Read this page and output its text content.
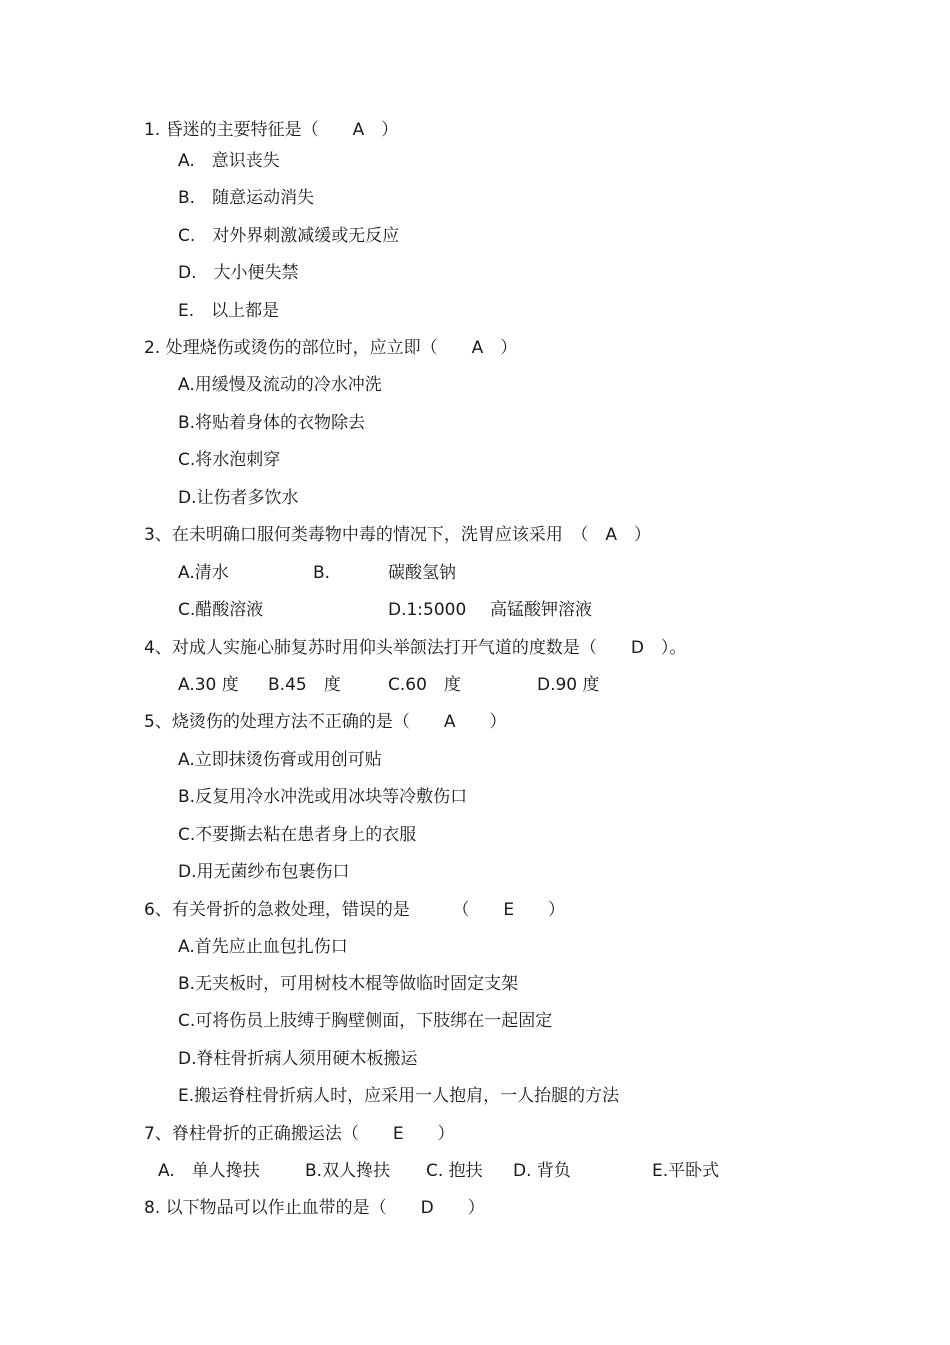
1. 昏迷的主要特征是（　　A　）
A.　意识丧失
B.　随意运动消失
C.　对外界刺激减缓或无反应
D.　大小便失禁
E.　以上都是
2. 处理烧伤或烫伤的部位时，应立即（　　A　）
A.用缓慢及流动的冷水冲洗
B.将贴着身体的衣物除去
C.将水泡刺穿
D.让伤者多饮水
3、在未明确口服何类毒物中毒的情况下，洗胃应该采用　（　A　）
A.清水	B.	碳酸氢钠
C.醋酸溶液	D.1:5000 高锰酸钾溶液
4、对成人实施心肺复苏时用仰头举颌法打开气道的度数是（　　D　）。
A.30 度 B.45　度	C.60　度	D.90 度
5、烧烫伤的处理方法不正确的是（　　A　　）
A.立即抹烫伤膏或用创可贴
B.反复用冷水冲洗或用冰块等冷敷伤口
C.不要撕去粘在患者身上的衣服
D.用无菌纱布包裹伤口
6、有关骨折的急救处理，错误的是　　　（　　E　　）
A.首先应止血包扎伤口
B.无夹板时，可用树枝木棍等做临时固定支架
C.可将伤员上肢缚于胸壁侧面，下肢绑在一起固定
D.脊柱骨折病人须用硬木板搬运
E.搬运脊柱骨折病人时，应采用一人抱肩，一人抬腿的方法
7、脊柱骨折的正确搬运法（　　E　　）
A.　单人搀扶	B.双人搀扶 C. 抱扶 D. 背负	E.平卧式
8. 以下物品可以作止血带的是（　　D　　）
